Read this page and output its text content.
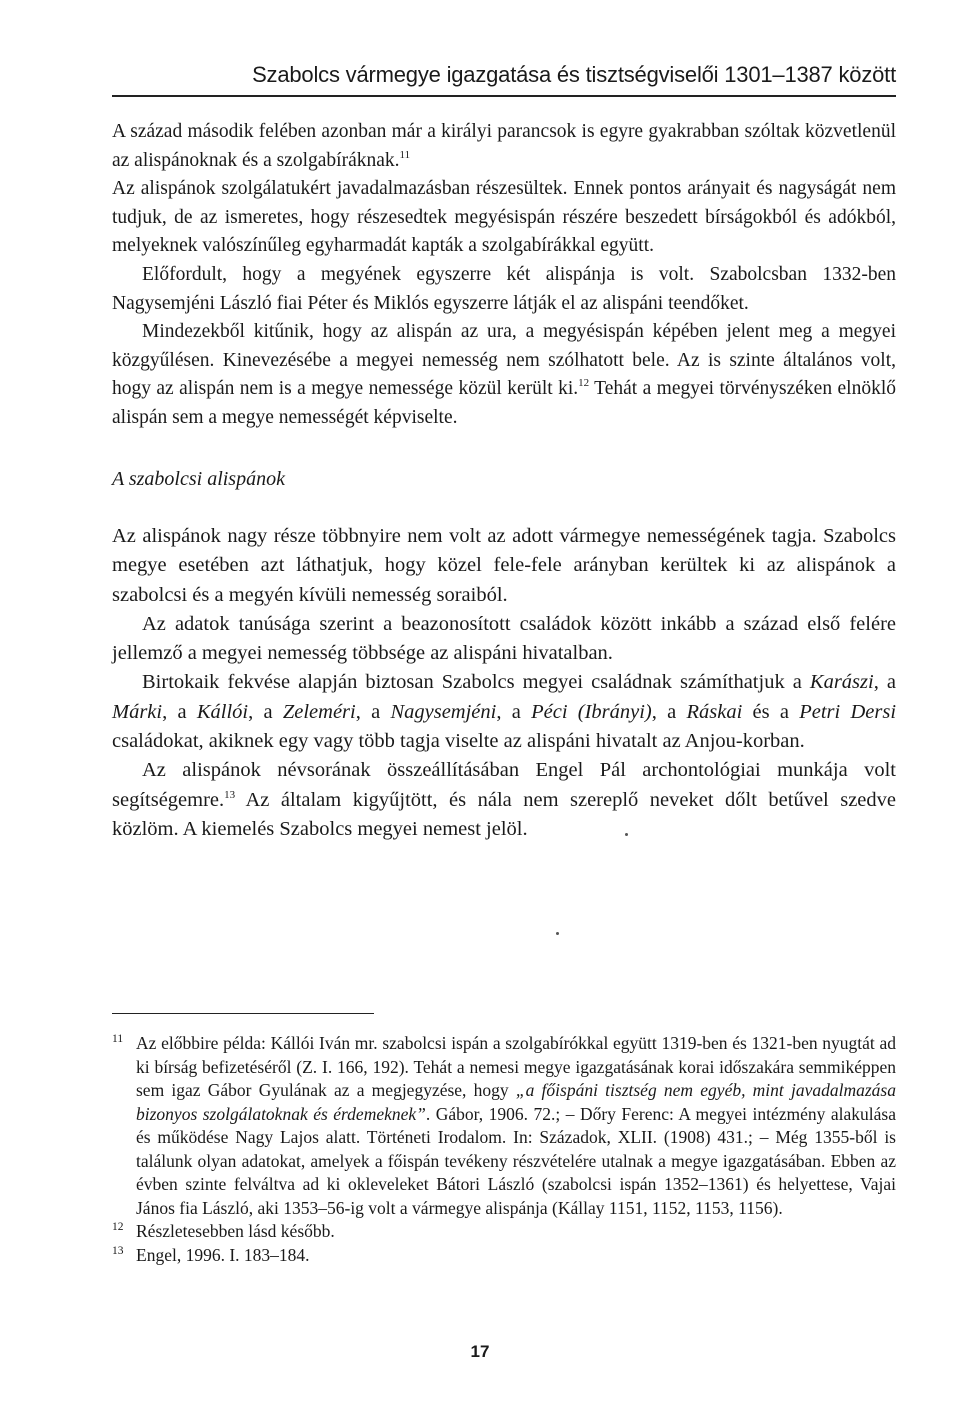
Szabolcs vármegye igazgatása és tisztségviselői 1301–1387 között

A század második felében azonban már a királyi parancsok is egyre gyakrabban szóltak közvetlenül az alispánoknak és a szolgabíráknak.$^{11}$

Az alispánok szolgálatukért javadalmazásban részesültek. Ennek pontos arányait és nagyságát nem tudjuk, de az ismeretes, hogy részesedtek megyésispán részére beszedett bírságokból és adókból, melyeknek valószínűleg egyharmadát kapták a szolgabírákkal együtt.

Előfordult, hogy a megyének egyszerre két alispánja is volt. Szabolcsban 1332-ben Nagysemjéni László fiai Péter és Miklós egyszerre látják el az alispáni teendőket.

Mindezekből kitűnik, hogy az alispán az ura, a megyésispán képében jelent meg a megyei közgyűlésen. Kinevezésébe a megyei nemesség nem szólhatott bele. Az is szinte általános volt, hogy az alispán nem is a megye nemessége közül került ki.$^{12}$ Tehát a megyei törvényszéken elnöklő alispán sem a megye nemességét képviselte.

A szabolcsi alispánok

Az alispánok nagy része többnyire nem volt az adott vármegye nemességének tagja. Szabolcs megye esetében azt láthatjuk, hogy közel fele-fele arányban kerültek ki az alispánok a szabolcsi és a megyén kívüli nemesség soraiból.

Az adatok tanúsága szerint a beazonosított családok között inkább a század első felére jellemző a megyei nemesség többsége az alispáni hivatalban.

Birtokaik fekvése alapján biztosan Szabolcs megyei családnak számíthatjuk a Karászi, a Márki, a Kállói, a Zeleméri, a Nagysemjéni, a Péci (Ibrányi), a Ráskai és a Petri Dersi családokat, akiknek egy vagy több tagja viselte az alispáni hivatalt az Anjou-korban.

Az alispánok névsorának összeállításában Engel Pál archontológiai munkája volt segítségemre.$^{13}$ Az általam kigyűjtött, és nála nem szereplő neveket dőlt betűvel szedve közlöm. A kiemelés Szabolcs megyei nemest jelöl.

11 Az előbbire példa: Kállói Iván mr. szabolcsi ispán a szolgabírókkal együtt 1319-ben és 1321-ben nyugtát ad ki bírság befizetéséről (Z. I. 166, 192). Tehát a nemesi megye igazgatásának korai időszakára semmiképpen sem igaz Gábor Gyulának az a megjegyzése, hogy „a főispáni tisztség nem egyéb, mint javadalmazása bizonyos szolgálatoknak és érdemeknek”. Gábor, 1906. 72.; – Dőry Ferenc: A megyei intézmény alakulása és működése Nagy Lajos alatt. Történeti Irodalom. In: Századok, XLII. (1908) 431.; – Még 1355-ből is találunk olyan adatokat, amelyek a főispán tevékeny részvételére utalnak a megye igazgatásában. Ebben az évben szinte felváltva ad ki okleveleket Bátori László (szabolcsi ispán 1352–1361) és helyettese, Vajai János fia László, aki 1353–56-ig volt a vármegye alispánja (Kállay 1151, 1152, 1153, 1156).
12 Részletesebben lásd később.
13 Engel, 1996. I. 183–184.
17
